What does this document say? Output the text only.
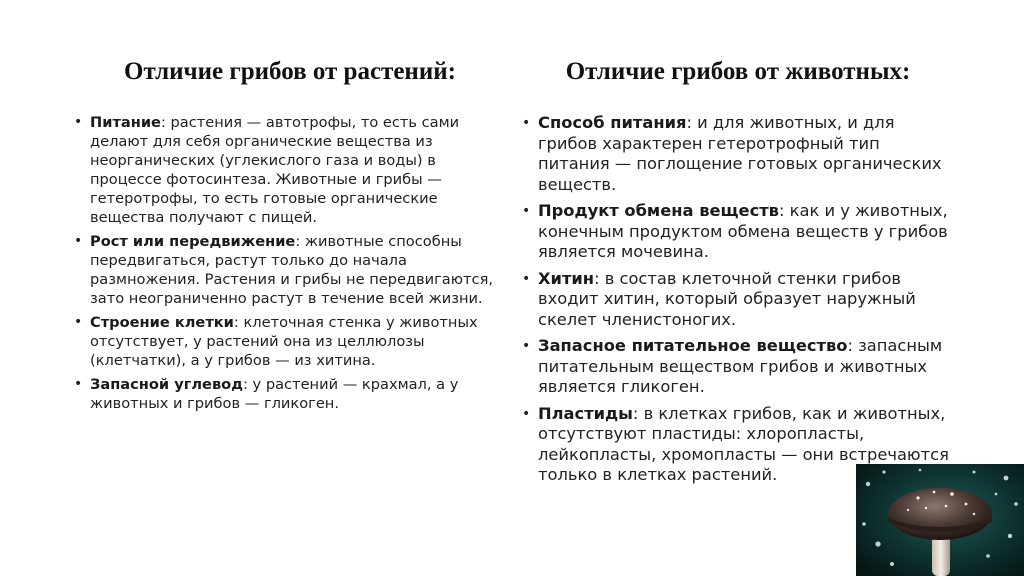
Отличие грибов от растений:	Отличие грибов от животных:
• Питание: растения — автотрофы, то есть сами делают для себя органические вещества из неорганических (углекислого газа и воды) в процессе фотосинтеза. Животные и грибы — гетеротрофы, то есть готовые органические вещества получают с пищей.
• Рост или передвижение: животные способны передвигаться, растут только до начала размножения. Растения и грибы не передвигаются, зато неограниченно растут в течение всей жизни.
• Строение клетки: клеточная стенка у животных отсутствует, у растений она из целлюлозы (клетчатки), а у грибов — из хитина.
• Запасной углевод: у растений — крахмал, а у животных и грибов — гликоген.
• Способ питания: и для животных, и для грибов характерен гетеротрофный тип питания — поглощение готовых органических веществ.
• Продукт обмена веществ: как и у животных, конечным продуктом обмена веществ у грибов является мочевина.
• Хитин: в состав клеточной стенки грибов входит хитин, который образует наружный скелет членистоногих.
• Запасное питательное вещество: запасным питательным веществом грибов и животных является гликоген.
• Пластиды: в клетках грибов, как и животных, отсутствуют пластиды: хлоропласты, лейкопласты, хромопласты — они встречаются только в клетках растений.
